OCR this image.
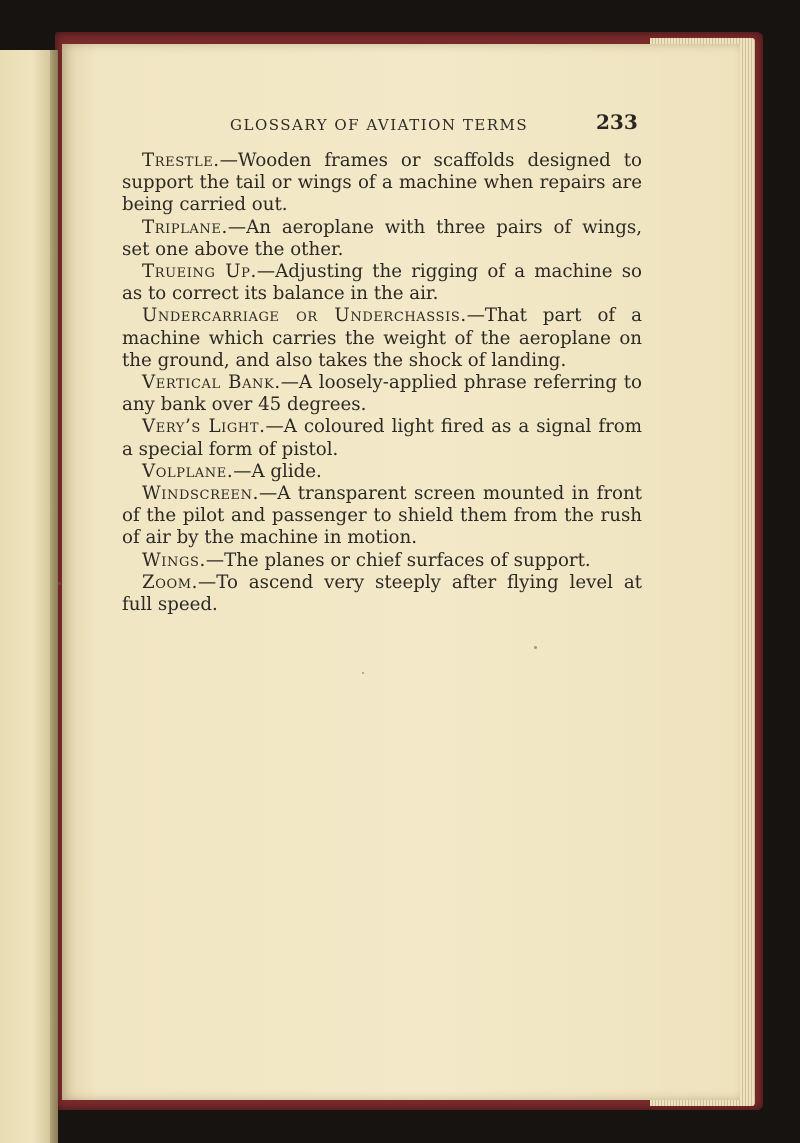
GLOSSARY OF AVIATION TERMS	233

Trestle.—Wooden frames or scaffolds designed to support the tail or wings of a machine when repairs are being carried out.

Triplane.—An aeroplane with three pairs of wings, set one above the other.

Trueing Up.—Adjusting the rigging of a machine so as to correct its balance in the air.

Undercarriage or Underchassis.—That part of a machine which carries the weight of the aeroplane on the ground, and also takes the shock of landing.

Vertical Bank.—A loosely-applied phrase referring to any bank over 45 degrees.

Very’s Light.—A coloured light fired as a signal from a special form of pistol.

Volplane.—A glide.

Windscreen.—A transparent screen mounted in front of the pilot and passenger to shield them from the rush of air by the machine in motion.

Wings.—The planes or chief surfaces of support.

Zoom.—To ascend very steeply after flying level at full speed.
